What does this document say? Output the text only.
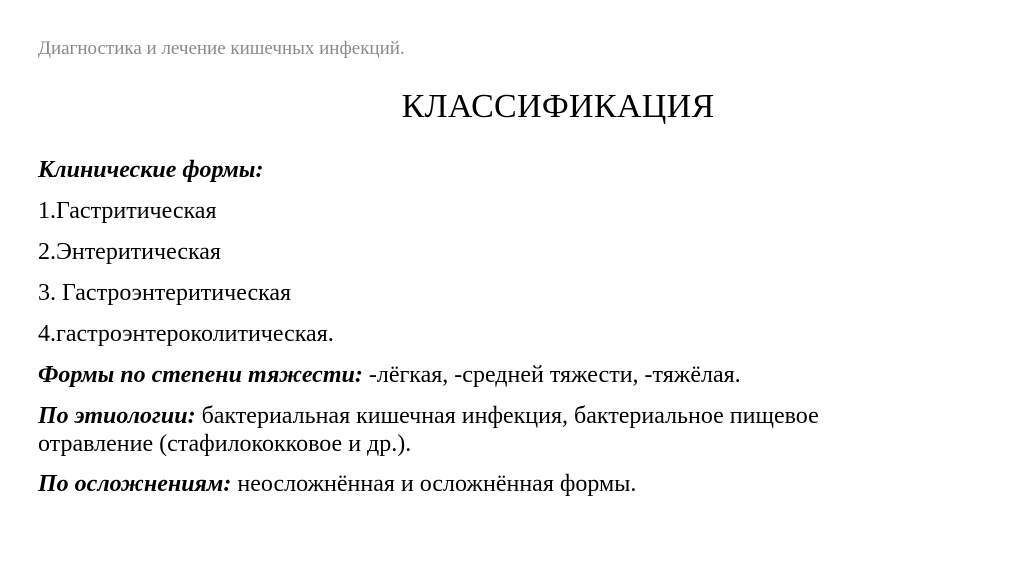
Диагностика и лечение кишечных инфекций.
КЛАССИФИКАЦИЯ
Клинические формы:
1.Гастритическая
2.Энтеритическая
3. Гастроэнтеритическая
4.гастроэнтероколитическая.
Формы по степени тяжести: -лёгкая, -средней тяжести, -тяжёлая.
По этиологии: бактериальная кишечная инфекция, бактериальное пищевое отравление (стафилококковое и др.).
По осложнениям: неосложнённая и осложнённая формы.
